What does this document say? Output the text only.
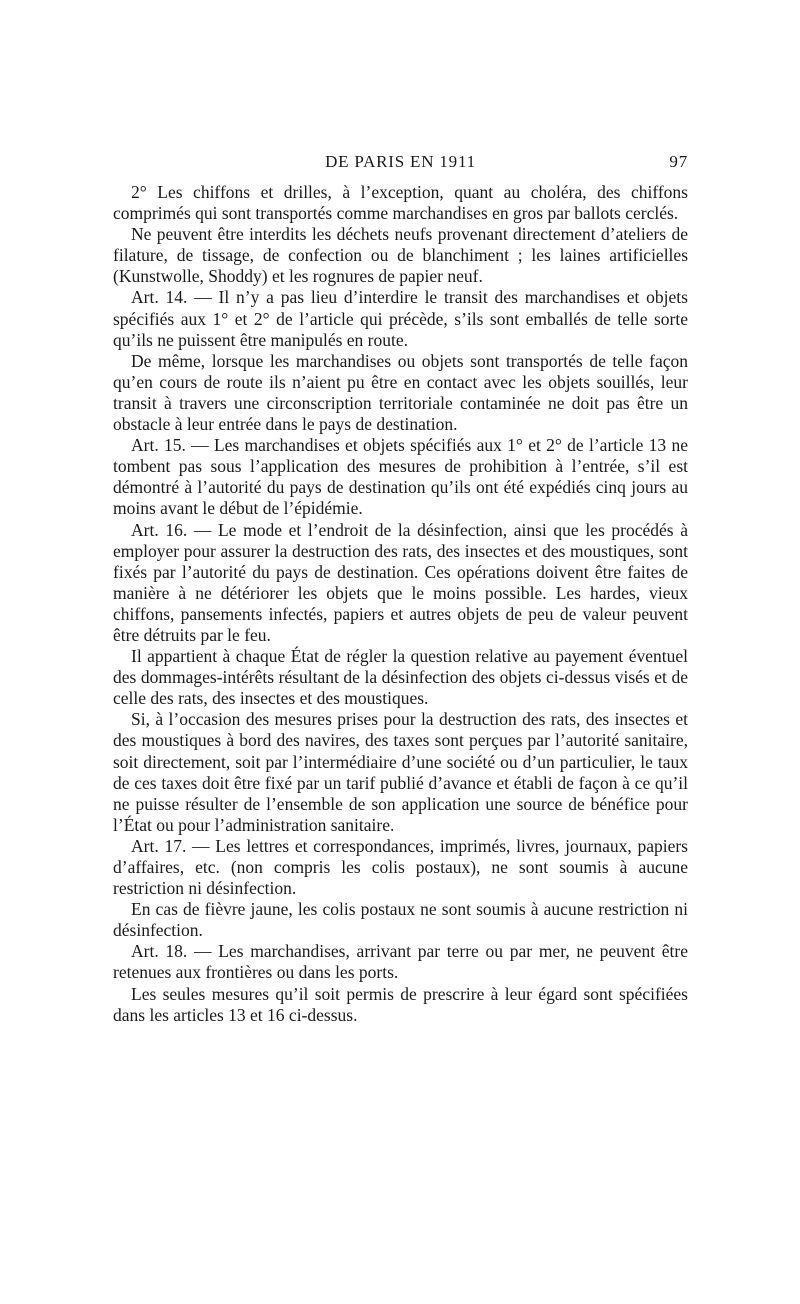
DE PARIS EN 1911	97

2° Les chiffons et drilles, à l’exception, quant au choléra, des chiffons comprimés qui sont transportés comme marchandises en gros par ballots cerclés.

Ne peuvent être interdits les déchets neufs provenant directement d’ateliers de filature, de tissage, de confection ou de blanchiment ; les laines artificielles (Kunstwolle, Shoddy) et les rognures de papier neuf.

Art. 14. — Il n’y a pas lieu d’interdire le transit des marchandises et objets spécifiés aux 1° et 2° de l’article qui précède, s’ils sont emballés de telle sorte qu’ils ne puissent être manipulés en route.

De même, lorsque les marchandises ou objets sont transportés de telle façon qu’en cours de route ils n’aient pu être en contact avec les objets souillés, leur transit à travers une circonscription territoriale contaminée ne doit pas être un obstacle à leur entrée dans le pays de destination.

Art. 15. — Les marchandises et objets spécifiés aux 1° et 2° de l’article 13 ne tombent pas sous l’application des mesures de prohibition à l’entrée, s’il est démontré à l’autorité du pays de destination qu’ils ont été expédiés cinq jours au moins avant le début de l’épidémie.

Art. 16. — Le mode et l’endroit de la désinfection, ainsi que les procédés à employer pour assurer la destruction des rats, des insectes et des moustiques, sont fixés par l’autorité du pays de destination. Ces opérations doivent être faites de manière à ne détériorer les objets que le moins possible. Les hardes, vieux chiffons, pansements infectés, papiers et autres objets de peu de valeur peuvent être détruits par le feu.

Il appartient à chaque État de régler la question relative au payement éventuel des dommages-intérêts résultant de la désinfection des objets ci-dessus visés et de celle des rats, des insectes et des moustiques.

Si, à l’occasion des mesures prises pour la destruction des rats, des insectes et des moustiques à bord des navires, des taxes sont perçues par l’autorité sanitaire, soit directement, soit par l’intermédiaire d’une société ou d’un particulier, le taux de ces taxes doit être fixé par un tarif publié d’avance et établi de façon à ce qu’il ne puisse résulter de l’ensemble de son application une source de bénéfice pour l’État ou pour l’administration sanitaire.

Art. 17. — Les lettres et correspondances, imprimés, livres, journaux, papiers d’affaires, etc. (non compris les colis postaux), ne sont soumis à aucune restriction ni désinfection.

En cas de fièvre jaune, les colis postaux ne sont soumis à aucune restriction ni désinfection.

Art. 18. — Les marchandises, arrivant par terre ou par mer, ne peuvent être retenues aux frontières ou dans les ports.

Les seules mesures qu’il soit permis de prescrire à leur égard sont spécifiées dans les articles 13 et 16 ci-dessus.
